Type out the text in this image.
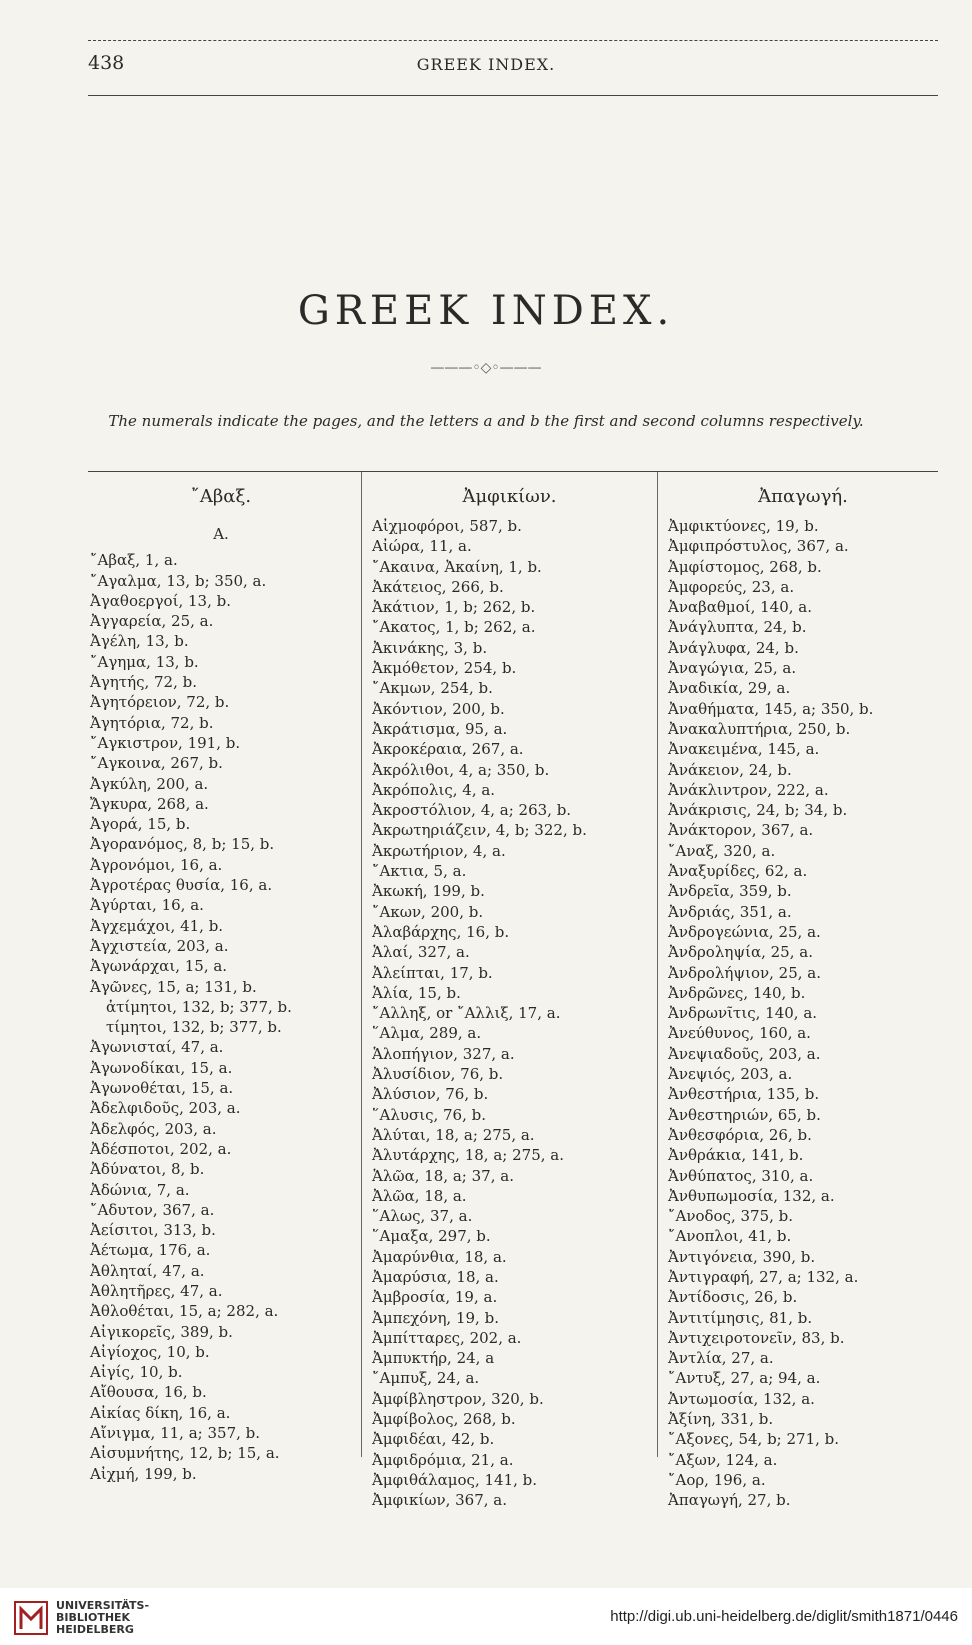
438	GREEK INDEX.
GREEK INDEX.
———◦◇◦———
The numerals indicate the pages, and the letters a and b the first and second columns respectively.
῎Αβαξ.
A.
῎Αβαξ, 1, a.
῎Αγαλμα, 13, b; 350, a.
Ἀγαθοεργοί, 13, b.
Ἀγγαρεία, 25, a.
Ἀγέλη, 13, b.
῎Αγημα, 13, b.
Ἀγητής, 72, b.
Ἀγητόρειον, 72, b.
Ἀγητόρια, 72, b.
῎Αγκιστρον, 191, b.
῎Αγκοινα, 267, b.
Ἀγκύλη, 200, a.
Ἄγκυρα, 268, a.
Ἀγορά, 15, b.
Ἀγορανόμος, 8, b; 15, b.
Ἀγρονόμοι, 16, a.
Ἀγροτέρας θυσία, 16, a.
Ἀγύρται, 16, a.
Ἀγχεμάχοι, 41, b.
Ἀγχιστεία, 203, a.
Ἀγωνάρχαι, 15, a.
Ἀγῶνες, 15, a; 131, b.
ἀτίμητοι, 132, b; 377, b.
τίμητοι, 132, b; 377, b.
Ἀγωνισταί, 47, a.
Ἀγωνοδίκαι, 15, a.
Ἀγωνοθέται, 15, a.
Ἀδελφιδοῦς, 203, a.
Ἀδελφός, 203, a.
Ἀδέσποτοι, 202, a.
Ἀδύνατοι, 8, b.
Ἀδώνια, 7, a.
῎Αδυτον, 367, a.
Ἀείσιτοι, 313, b.
Ἀέτωμα, 176, a.
Ἀθληταί, 47, a.
Ἀθλητῆρες, 47, a.
Ἀθλοθέται, 15, a; 282, a.
Αἰγικορεῖς, 389, b.
Αἰγίοχος, 10, b.
Αἰγίς, 10, b.
Αἴθουσα, 16, b.
Αἰκίας δίκη, 16, a.
Αἴνιγμα, 11, a; 357, b.
Αἰσυμνήτης, 12, b; 15, a.
Αἰχμή, 199, b.
Ἀμφικίων.
Αἰχμοφόροι, 587, b.
Αἰώρα, 11, a.
῎Ακαινα, Ἀκαίνη, 1, b.
Ἀκάτειος, 266, b.
Ἀκάτιον, 1, b; 262, b.
῎Ακατος, 1, b; 262, a.
Ἀκινάκης, 3, b.
Ἀκμόθετον, 254, b.
῎Ακμων, 254, b.
Ἀκόντιον, 200, b.
Ἀκράτισμα, 95, a.
Ἀκροκέραια, 267, a.
Ἀκρόλιθοι, 4, a; 350, b.
Ἀκρόπολις, 4, a.
Ἀκροστόλιον, 4, a; 263, b.
Ἀκρωτηριάζειν, 4, b; 322, b.
Ἀκρωτήριον, 4, a.
῎Ακτια, 5, a.
Ἀκωκή, 199, b.
῎Ακων, 200, b.
Ἀλαβάρχης, 16, b.
Ἁλαί, 327, a.
Ἀλείπται, 17, b.
Ἁλία, 15, b.
῎Αλληξ, or ῎Αλλιξ, 17, a.
῞Αλμα, 289, a.
Ἁλοπήγιον, 327, a.
Ἀλυσίδιον, 76, b.
Ἀλύσιον, 76, b.
῞Αλυσις, 76, b.
Ἀλύται, 18, a; 275, a.
Ἀλυτάρχης, 18, a; 275, a.
Ἁλῶα, 18, a; 37, a.
Ἀλῶα, 18, a.
῞Αλως, 37, a.
῞Αμαξα, 297, b.
Ἀμαρύνθια, 18, a.
Ἀμαρύσια, 18, a.
Ἀμβροσία, 19, a.
Ἀμπεχόνη, 19, b.
Ἀμπίτταρες, 202, a.
Ἀμπυκτήρ, 24, a
῎Αμπυξ, 24, a.
Ἀμφίβληστρον, 320, b.
Ἀμφίβολος, 268, b.
Ἀμφιδέαι, 42, b.
Ἀμφιδρόμια, 21, a.
Ἀμφιθάλαμος, 141, b.
Ἀμφικίων, 367, a.
Ἀπαγωγή.
Ἀμφικτύονες, 19, b.
Ἀμφιπρόστυλος, 367, a.
Ἀμφίστομος, 268, b.
Ἀμφορεύς, 23, a.
Ἀναβαθμοί, 140, a.
Ἀνάγλυπτα, 24, b.
Ἀνάγλυφα, 24, b.
Ἀναγώγια, 25, a.
Ἀναδικία, 29, a.
Ἀναθήματα, 145, a; 350, b.
Ἀνακαλυπτήρια, 250, b.
Ἀνακειμένα, 145, a.
Ἀνάκειον, 24, b.
Ἀνάκλιντρον, 222, a.
Ἀνάκρισις, 24, b; 34, b.
Ἀνάκτορον, 367, a.
῎Αναξ, 320, a.
Ἀναξυρίδες, 62, a.
Ἀνδρεῖα, 359, b.
Ἀνδριάς, 351, a.
Ἀνδρογεώνια, 25, a.
Ἀνδροληψία, 25, a.
Ἀνδρολήψιον, 25, a.
Ἀνδρῶνες, 140, b.
Ἀνδρωνῖτις, 140, a.
Ἀνεύθυνος, 160, a.
Ἀνεψιαδοῦς, 203, a.
Ἀνεψιός, 203, a.
Ἀνθεστήρια, 135, b.
Ἀνθεστηριών, 65, b.
Ἀνθεσφόρια, 26, b.
Ἀνθράκια, 141, b.
Ἀνθύπατος, 310, a.
Ἀνθυπωμοσία, 132, a.
῎Ανοδος, 375, b.
῎Ανοπλοι, 41, b.
Ἀντιγόνεια, 390, b.
Ἀντιγραφή, 27, a; 132, a.
Ἀντίδοσις, 26, b.
Ἀντιτίμησις, 81, b.
Ἀντιχειροτονεῖν, 83, b.
Ἀντλία, 27, a.
῎Αντυξ, 27, a; 94, a.
Ἀντωμοσία, 132, a.
Ἀξίνη, 331, b.
῎Αξονες, 54, b; 271, b.
῎Αξων, 124, a.
῎Αορ, 196, a.
Ἀπαγωγή, 27, b.
UNIVERSITÄTS-
BIBLIOTHEK
HEIDELBERG
http://digi.ub.uni-heidelberg.de/diglit/smith1871/0446
